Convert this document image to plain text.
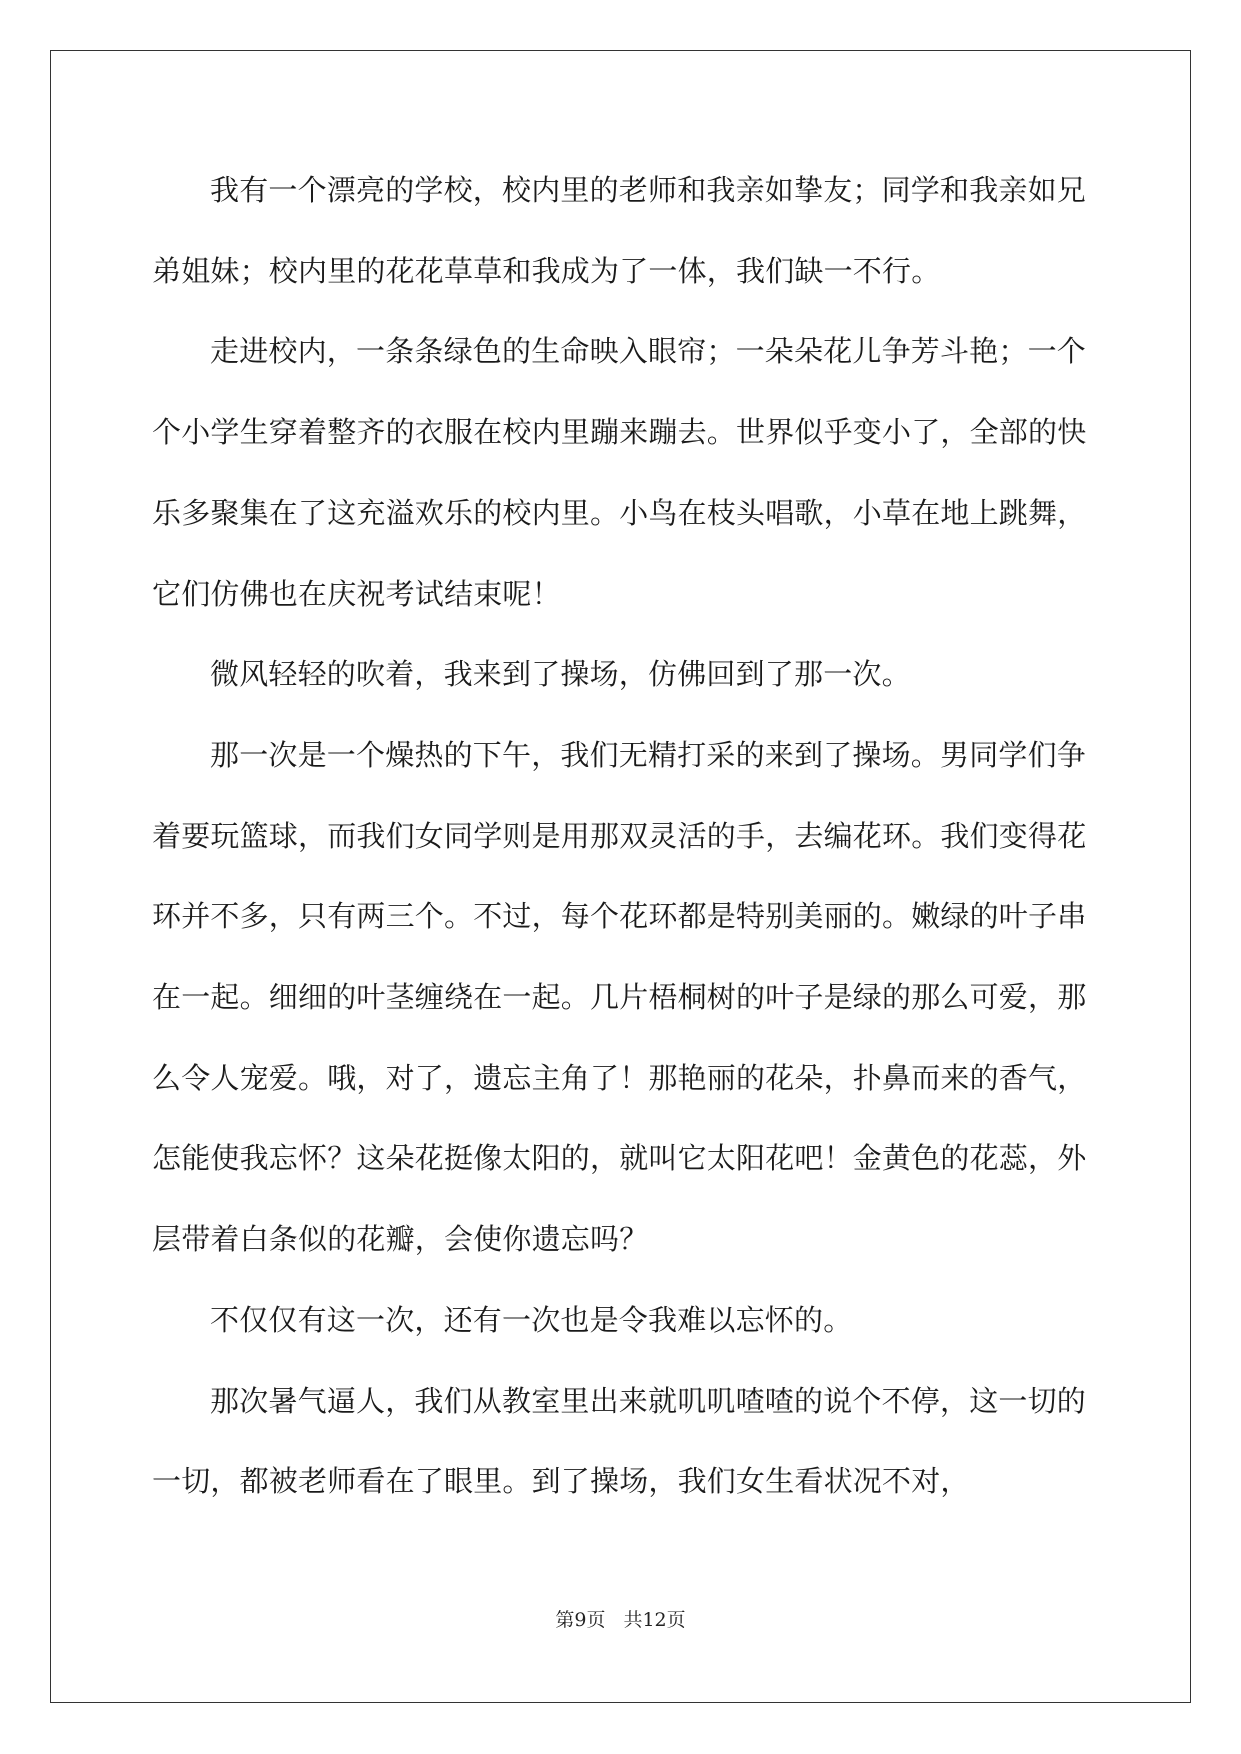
我有一个漂亮的学校，校内里的老师和我亲如挚友；同学和我亲如兄弟姐妹；校内里的花花草草和我成为了一体，我们缺一不行。

走进校内，一条条绿色的生命映入眼帘；一朵朵花儿争芳斗艳；一个个小学生穿着整齐的衣服在校内里蹦来蹦去。世界似乎变小了，全部的快乐多聚集在了这充溢欢乐的校内里。小鸟在枝头唱歌，小草在地上跳舞，它们仿佛也在庆祝考试结束呢！

微风轻轻的吹着，我来到了操场，仿佛回到了那一次。

那一次是一个燥热的下午，我们无精打采的来到了操场。男同学们争着要玩篮球，而我们女同学则是用那双灵活的手，去编花环。我们变得花环并不多，只有两三个。不过，每个花环都是特别美丽的。嫩绿的叶子串在一起。细细的叶茎缠绕在一起。几片梧桐树的叶子是绿的那么可爱，那么令人宠爱。哦，对了，遗忘主角了！那艳丽的花朵，扑鼻而来的香气，怎能使我忘怀？这朵花挺像太阳的，就叫它太阳花吧！金黄色的花蕊，外层带着白条似的花瓣，会使你遗忘吗？

不仅仅有这一次，还有一次也是令我难以忘怀的。

那次暑气逼人，我们从教室里出来就叽叽喳喳的说个不停，这一切的一切，都被老师看在了眼里。到了操场，我们女生看状况不对，

第9页 共12页
